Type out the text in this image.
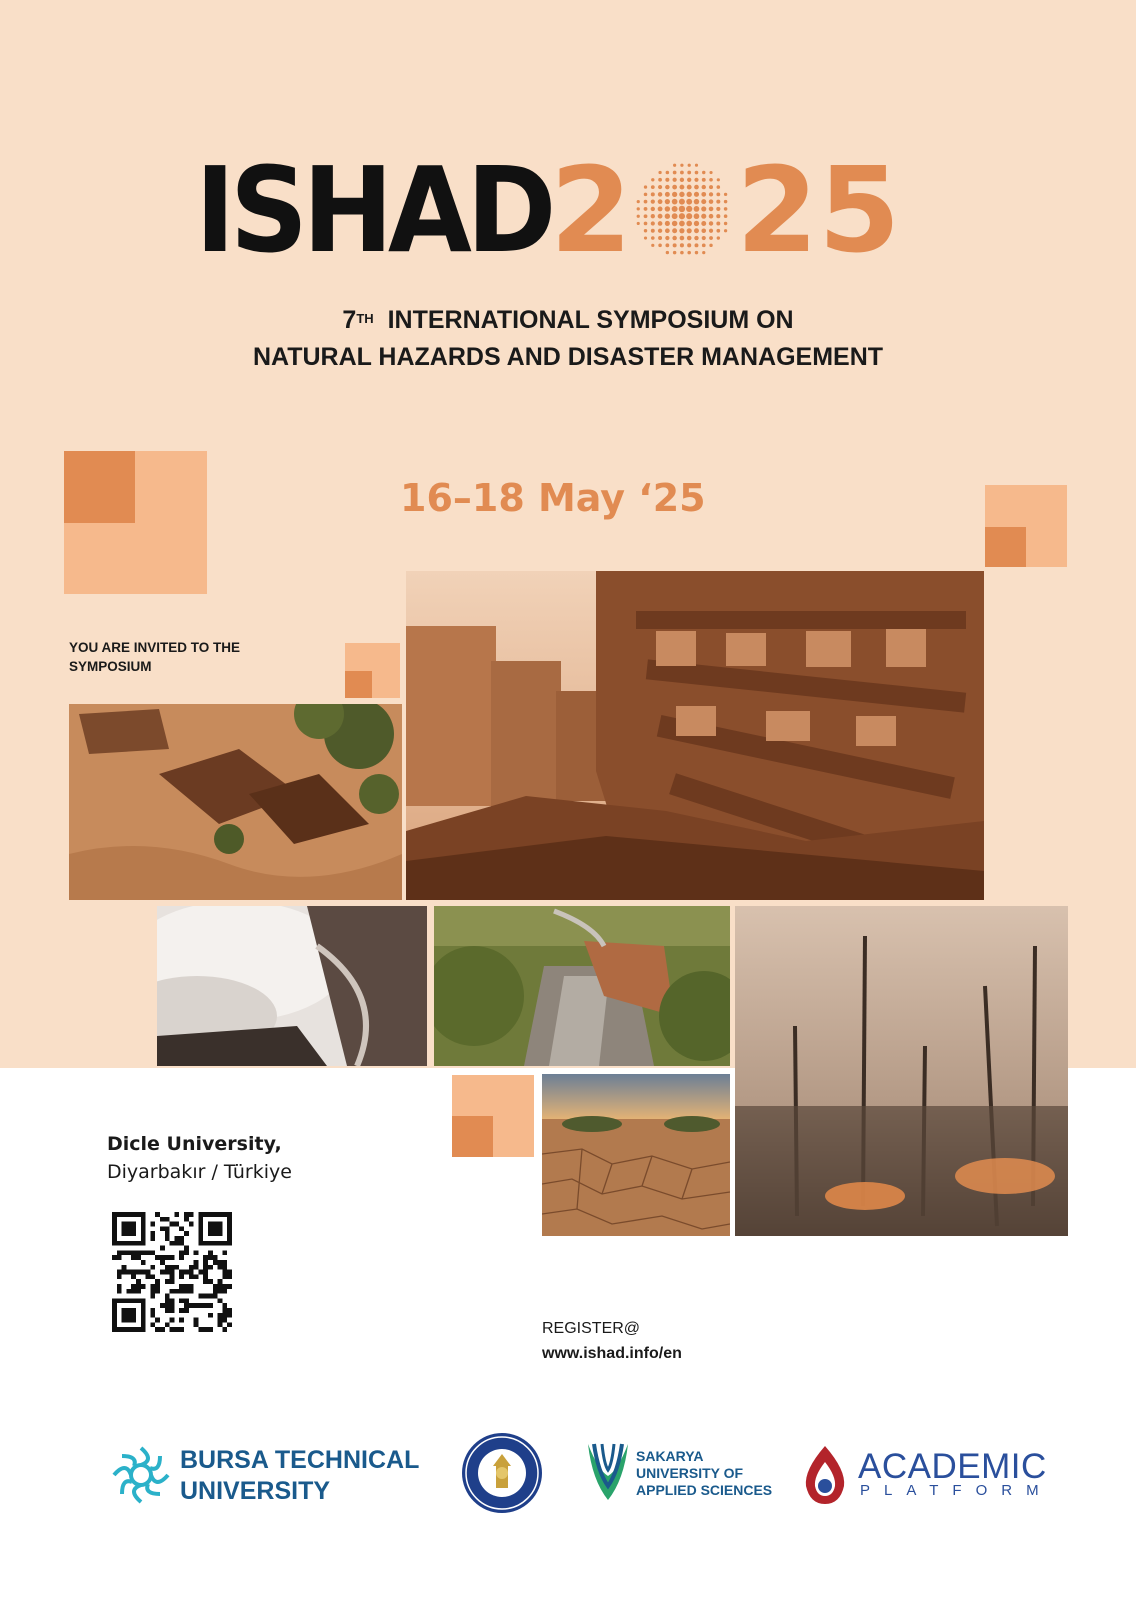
ISHAD 2 25
7TH INTERNATIONAL SYMPOSIUM ON
NATURAL HAZARDS AND DISASTER MANAGEMENT
16–18 May ‘25
YOU ARE INVITED TO THE SYMPOSIUM
Dicle University,
Diyarbakır / Türkiye
REGISTER@
www.ishad.info/en
BURSA TECHNICAL
UNIVERSITY
SAKARYA
UNIVERSITY OF
APPLIED SCIENCES
ACADEMIC
PLATFORM
